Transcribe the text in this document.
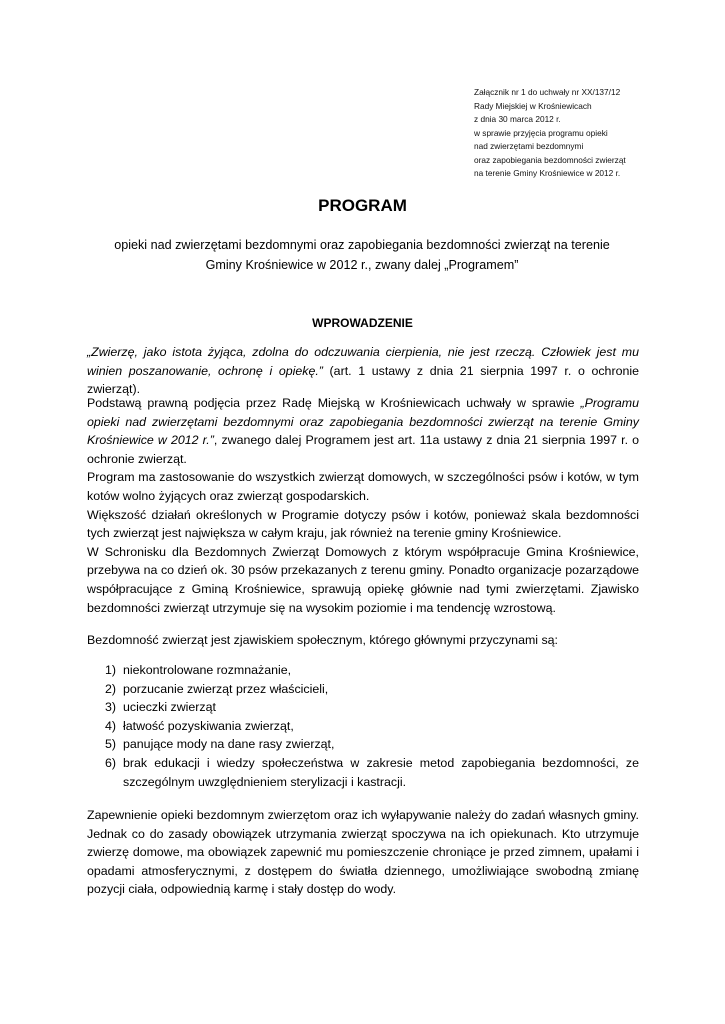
Załącznik nr 1 do uchwały nr XX/137/12
Rady Miejskiej w Krośniewicach
z dnia 30 marca 2012 r.
w sprawie przyjęcia programu opieki
nad zwierzętami bezdomnymi
oraz zapobiegania bezdomności zwierząt
na terenie Gminy Krośniewice w 2012 r.
PROGRAM
opieki nad zwierzętami bezdomnymi oraz zapobiegania bezdomności zwierząt na terenie Gminy Krośniewice w 2012 r., zwany dalej „Programem”
WPROWADZENIE

„Zwierzę, jako istota żyjąca, zdolna do odczuwania cierpienia, nie jest rzeczą. Człowiek jest mu winien poszanowanie, ochronę i opiekę.” (art. 1 ustawy z dnia 21 sierpnia 1997 r. o ochronie zwierząt).

Podstawą prawną podjęcia przez Radę Miejską w Krośniewicach uchwały w sprawie „Programu opieki nad zwierzętami bezdomnymi oraz zapobiegania bezdomności zwierząt na terenie Gminy Krośniewice w 2012 r.”, zwanego dalej Programem jest art. 11a ustawy z dnia 21 sierpnia 1997 r. o ochronie zwierząt.

Program ma zastosowanie do wszystkich zwierząt domowych, w szczególności psów i kotów, w tym kotów wolno żyjących oraz zwierząt gospodarskich.

Większość działań określonych w Programie dotyczy psów i kotów, ponieważ skala bezdomności tych zwierząt jest największa w całym kraju, jak również na terenie gminy Krośniewice.

W Schronisku dla Bezdomnych Zwierząt Domowych z którym współpracuje Gmina Krośniewice, przebywa na co dzień ok. 30 psów przekazanych z terenu gminy. Ponadto organizacje pozarządowe współpracujące z Gminą Krośniewice, sprawują opiekę głównie nad tymi zwierzętami. Zjawisko bezdomności zwierząt utrzymuje się na wysokim poziomie i ma tendencję wzrostową.

Bezdomność zwierząt jest zjawiskiem społecznym, którego głównymi przyczynami są:

1) niekontrolowane rozmnażanie,
2) porzucanie zwierząt przez właścicieli,
3) ucieczki zwierząt
4) łatwość pozyskiwania zwierząt,
5) panujące mody na dane rasy zwierząt,
6) brak edukacji i wiedzy społeczeństwa w zakresie metod zapobiegania bezdomności, ze szczególnym uwzględnieniem sterylizacji i kastracji.

Zapewnienie opieki bezdomnym zwierzętom oraz ich wyłapywanie należy do zadań własnych gminy. Jednak co do zasady obowiązek utrzymania zwierząt spoczywa na ich opiekunach. Kto utrzymuje zwierzę domowe, ma obowiązek zapewnić mu pomieszczenie chroniące je przed zimnem, upałami i opadami atmosferycznymi, z dostępem do światła dziennego, umożliwiające swobodną zmianę pozycji ciała, odpowiednią karmę i stały dostęp do wody.
